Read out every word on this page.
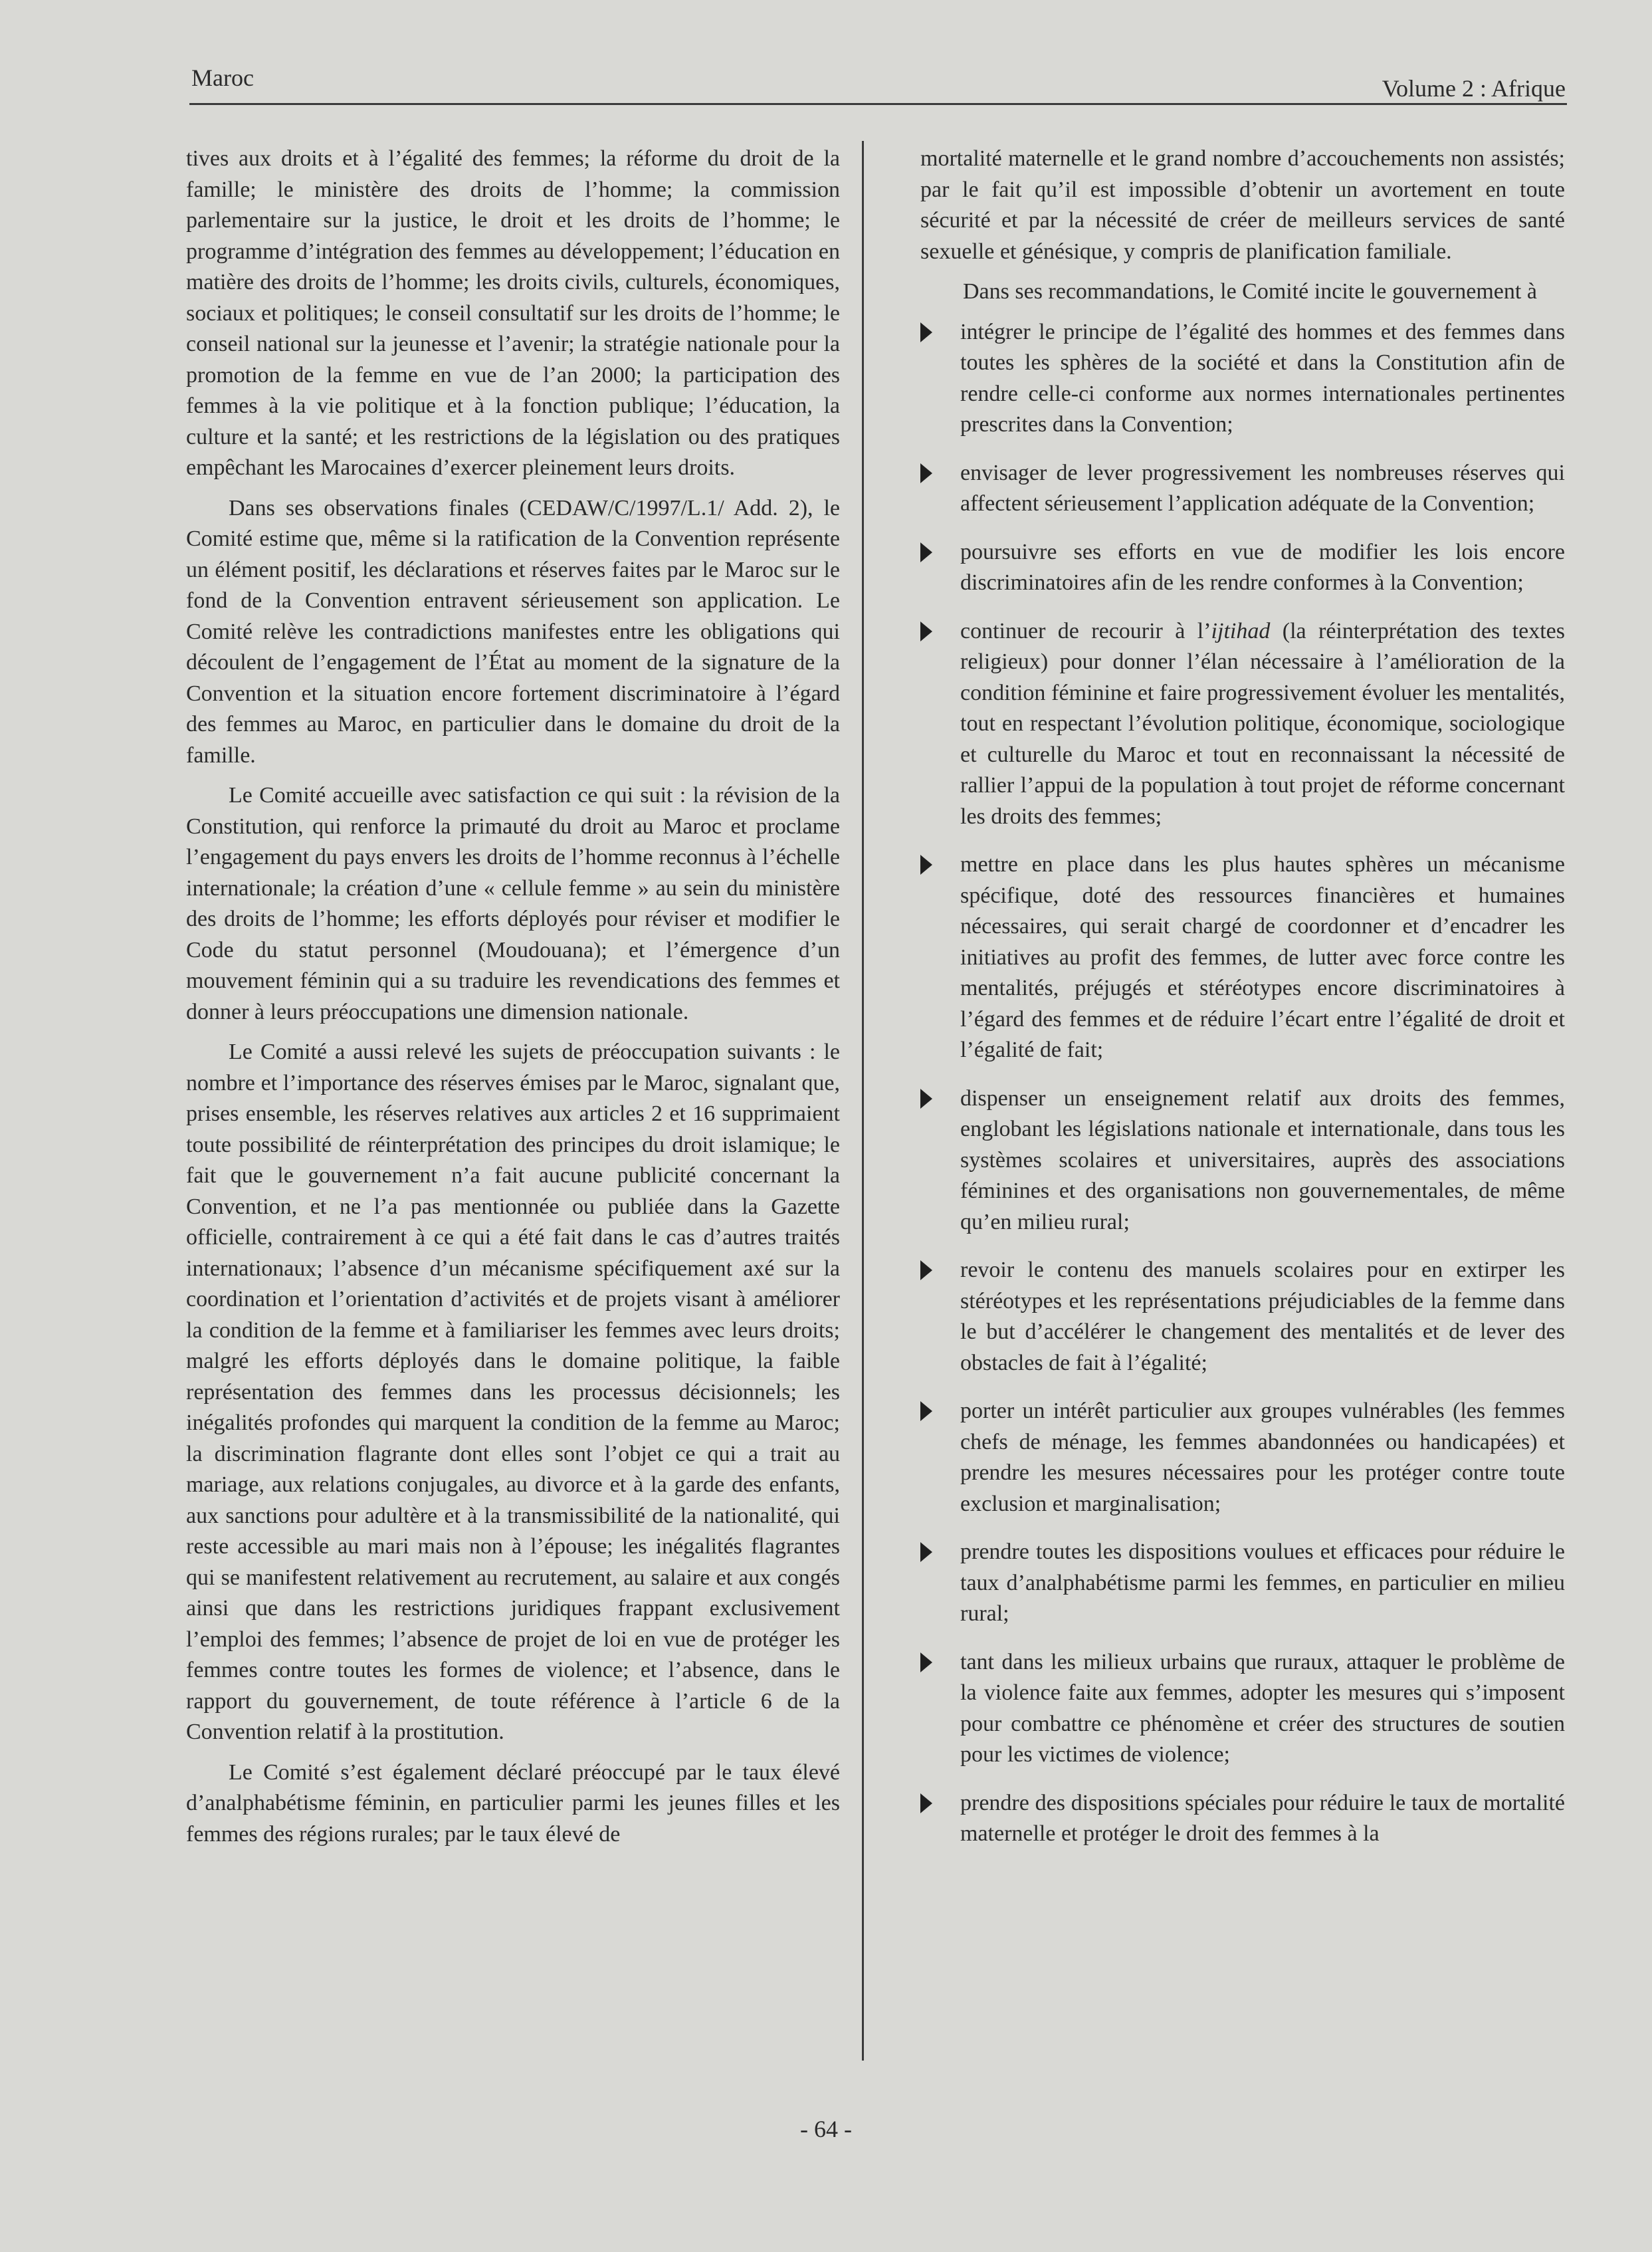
Maroc	Volume 2 : Afrique

tives aux droits et à l’égalité des femmes; la réforme du droit de la famille; le ministère des droits de l’homme; la commission parlementaire sur la justice, le droit et les droits de l’homme; le programme d’intégration des femmes au développement; l’éducation en matière des droits de l’homme; les droits civils, culturels, économiques, sociaux et politiques; le conseil consultatif sur les droits de l’homme; le conseil national sur la jeunesse et l’avenir; la stratégie nationale pour la promotion de la femme en vue de l’an 2000; la participation des femmes à la vie politique et à la fonction publique; l’éducation, la culture et la santé; et les restrictions de la législation ou des pratiques empêchant les Marocaines d’exercer pleinement leurs droits.

Dans ses observations finales (CEDAW/C/1997/L.1/ Add. 2), le Comité estime que, même si la ratification de la Convention représente un élément positif, les déclarations et réserves faites par le Maroc sur le fond de la Convention entravent sérieusement son application. Le Comité relève les contradictions manifestes entre les obligations qui découlent de l’engagement de l’État au moment de la signature de la Convention et la situation encore fortement discriminatoire à l’égard des femmes au Maroc, en particulier dans le domaine du droit de la famille.

Le Comité accueille avec satisfaction ce qui suit : la révision de la Constitution, qui renforce la primauté du droit au Maroc et proclame l’engagement du pays envers les droits de l’homme reconnus à l’échelle internationale; la création d’une « cellule femme » au sein du ministère des droits de l’homme; les efforts déployés pour réviser et modifier le Code du statut personnel (Moudouana); et l’émergence d’un mouvement féminin qui a su traduire les revendications des femmes et donner à leurs préoccupations une dimension nationale.

Le Comité a aussi relevé les sujets de préoccupation suivants : le nombre et l’importance des réserves émises par le Maroc, signalant que, prises ensemble, les réserves relatives aux articles 2 et 16 supprimaient toute possibilité de réinterprétation des principes du droit islamique; le fait que le gouvernement n’a fait aucune publicité concernant la Convention, et ne l’a pas mentionnée ou publiée dans la Gazette officielle, contrairement à ce qui a été fait dans le cas d’autres traités internationaux; l’absence d’un mécanisme spécifiquement axé sur la coordination et l’orientation d’activités et de projets visant à améliorer la condition de la femme et à familiariser les femmes avec leurs droits; malgré les efforts déployés dans le domaine politique, la faible représentation des femmes dans les processus décisionnels; les inégalités profondes qui marquent la condition de la femme au Maroc; la discrimination flagrante dont elles sont l’objet ce qui a trait au mariage, aux relations conjugales, au divorce et à la garde des enfants, aux sanctions pour adultère et à la transmissibilité de la nationalité, qui reste accessible au mari mais non à l’épouse; les inégalités flagrantes qui se manifestent relativement au recrutement, au salaire et aux congés ainsi que dans les restrictions juridiques frappant exclusivement l’emploi des femmes; l’absence de projet de loi en vue de protéger les femmes contre toutes les formes de violence; et l’absence, dans le rapport du gouvernement, de toute référence à l’article 6 de la Convention relatif à la prostitution.

Le Comité s’est également déclaré préoccupé par le taux élevé d’analphabétisme féminin, en particulier parmi les jeunes filles et les femmes des régions rurales; par le taux élevé de

mortalité maternelle et le grand nombre d’accouchements non assistés; par le fait qu’il est impossible d’obtenir un avortement en toute sécurité et par la nécessité de créer de meilleurs services de santé sexuelle et génésique, y compris de planification familiale.

Dans ses recommandations, le Comité incite le gouvernement à

intégrer le principe de l’égalité des hommes et des femmes dans toutes les sphères de la société et dans la Constitution afin de rendre celle-ci conforme aux normes internationales pertinentes prescrites dans la Convention;
envisager de lever progressivement les nombreuses réserves qui affectent sérieusement l’application adéquate de la Convention;
poursuivre ses efforts en vue de modifier les lois encore discriminatoires afin de les rendre conformes à la Convention;
continuer de recourir à l’ijtihad (la réinterprétation des textes religieux) pour donner l’élan nécessaire à l’amélioration de la condition féminine et faire progressivement évoluer les mentalités, tout en respectant l’évolution politique, économique, sociologique et culturelle du Maroc et tout en reconnaissant la nécessité de rallier l’appui de la population à tout projet de réforme concernant les droits des femmes;
mettre en place dans les plus hautes sphères un mécanisme spécifique, doté des ressources financières et humaines nécessaires, qui serait chargé de coordonner et d’encadrer les initiatives au profit des femmes, de lutter avec force contre les mentalités, préjugés et stéréotypes encore discriminatoires à l’égard des femmes et de réduire l’écart entre l’égalité de droit et l’égalité de fait;
dispenser un enseignement relatif aux droits des femmes, englobant les législations nationale et internationale, dans tous les systèmes scolaires et universitaires, auprès des associations féminines et des organisations non gouvernementales, de même qu’en milieu rural;
revoir le contenu des manuels scolaires pour en extirper les stéréotypes et les représentations préjudiciables de la femme dans le but d’accélérer le changement des mentalités et de lever des obstacles de fait à l’égalité;
porter un intérêt particulier aux groupes vulnérables (les femmes chefs de ménage, les femmes abandonnées ou handicapées) et prendre les mesures nécessaires pour les protéger contre toute exclusion et marginalisation;
prendre toutes les dispositions voulues et efficaces pour réduire le taux d’analphabétisme parmi les femmes, en particulier en milieu rural;
tant dans les milieux urbains que ruraux, attaquer le problème de la violence faite aux femmes, adopter les mesures qui s’imposent pour combattre ce phénomène et créer des structures de soutien pour les victimes de violence;
prendre des dispositions spéciales pour réduire le taux de mortalité maternelle et protéger le droit des femmes à la
- 64 -
